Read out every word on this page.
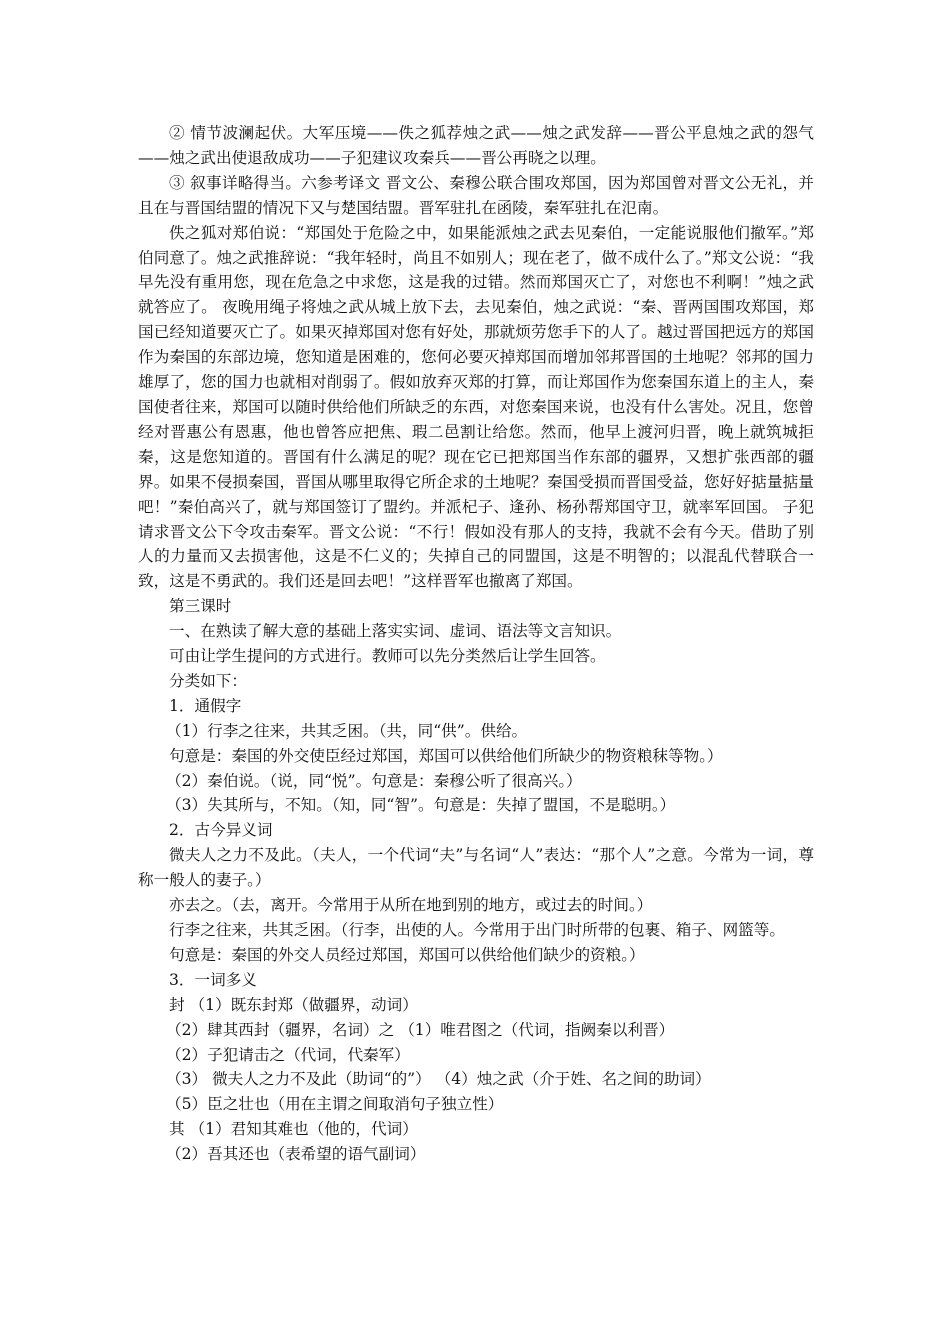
② 情节波澜起伏。大军压境——佚之狐荐烛之武——烛之武发辞——晋公平息烛之武的怨气——烛之武出使退敌成功——子犯建议攻秦兵——晋公再晓之以理。

③ 叙事详略得当。六参考译文 晋文公、秦穆公联合围攻郑国，因为郑国曾对晋文公无礼，并且在与晋国结盟的情况下又与楚国结盟。晋军驻扎在函陵，秦军驻扎在氾南。

佚之狐对郑伯说：“郑国处于危险之中，如果能派烛之武去见秦伯，一定能说服他们撤军。”郑伯同意了。烛之武推辞说：“我年轻时，尚且不如别人；现在老了，做不成什么了。”郑文公说：“我早先没有重用您，现在危急之中求您，这是我的过错。然而郑国灭亡了，对您也不利啊！”烛之武就答应了。 夜晚用绳子将烛之武从城上放下去，去见秦伯，烛之武说：“秦、晋两国围攻郑国，郑国已经知道要灭亡了。如果灭掉郑国对您有好处，那就烦劳您手下的人了。越过晋国把远方的郑国作为秦国的东部边境，您知道是困难的，您何必要灭掉郑国而增加邻邦晋国的土地呢？邻邦的国力雄厚了，您的国力也就相对削弱了。假如放弃灭郑的打算，而让郑国作为您秦国东道上的主人，秦国使者往来，郑国可以随时供给他们所缺乏的东西，对您秦国来说，也没有什么害处。况且，您曾经对晋惠公有恩惠，他也曾答应把焦、瑕二邑割让给您。然而，他早上渡河归晋，晚上就筑城拒秦，这是您知道的。晋国有什么满足的呢？现在它已把郑国当作东部的疆界，又想扩张西部的疆界。如果不侵损秦国，晋国从哪里取得它所企求的土地呢？秦国受损而晋国受益，您好好掂量掂量吧！”秦伯高兴了，就与郑国签订了盟约。并派杞子、逢孙、杨孙帮郑国守卫，就率军回国。 子犯请求晋文公下令攻击秦军。晋文公说：“不行！假如没有那人的支持，我就不会有今天。借助了别人的力量而又去损害他，这是不仁义的；失掉自己的同盟国，这是不明智的；以混乱代替联合一致，这是不勇武的。我们还是回去吧！”这样晋军也撤离了郑国。

第三课时

一、在熟读了解大意的基础上落实实词、虚词、语法等文言知识。

可由让学生提问的方式进行。教师可以先分类然后让学生回答。

分类如下：

1．通假字

（1）行李之往来，共其乏困。（共，同“供”。供给。

句意是：秦国的外交使臣经过郑国，郑国可以供给他们所缺少的物资粮秣等物。）

（2）秦伯说。（说，同“悦”。句意是：秦穆公听了很高兴。）

（3）失其所与，不知。（知，同“智”。句意是：失掉了盟国，不是聪明。）

2．古今异义词

微夫人之力不及此。（夫人，一个代词“夫”与名词“人”表达：“那个人”之意。今常为一词，尊称一般人的妻子。）

亦去之。（去，离开。今常用于从所在地到别的地方，或过去的时间。）

行李之往来，共其乏困。（行李，出使的人。今常用于出门时所带的包裹、箱子、网篮等。

句意是：秦国的外交人员经过郑国，郑国可以供给他们缺少的资粮。）

3．一词多义

封 （1）既东封郑（做疆界，动词）

（2）肆其西封（疆界，名词）之 （1）唯君图之（代词，指阙秦以利晋）

（2）子犯请击之（代词，代秦军）

（3） 微夫人之力不及此（助词“的”） （4）烛之武（介于姓、名之间的助词）

（5）臣之壮也（用在主谓之间取消句子独立性）

其 （1）君知其难也（他的，代词）

（2）吾其还也（表希望的语气副词）
